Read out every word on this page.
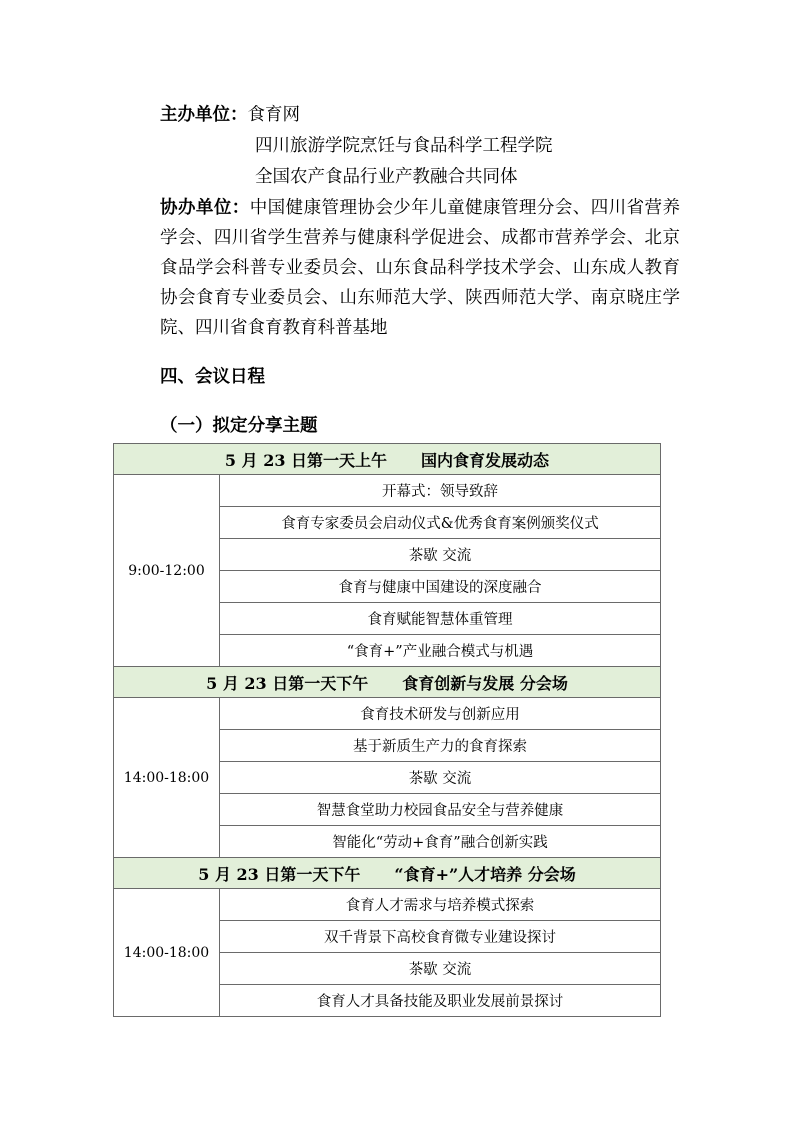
主办单位：食育网
四川旅游学院烹饪与食品科学工程学院
全国农产食品行业产教融合共同体
协办单位：中国健康管理协会少年儿童健康管理分会、四川省营养学会、四川省学生营养与健康科学促进会、成都市营养学会、北京食品学会科普专业委员会、山东食品科学技术学会、山东成人教育协会食育专业委员会、山东师范大学、陕西师范大学、南京晓庄学院、四川省食育教育科普基地
四、会议日程
（一）拟定分享主题
5 月 23 日第一天上午 国内食育发展动态	
9:00-12:00	开幕式：领导致辞
	食育专家委员会启动仪式&优秀食育案例颁奖仪式
	茶歇 交流
	食育与健康中国建设的深度融合
	食育赋能智慧体重管理
	“食育+”产业融合模式与机遇
5 月 23 日第一天下午 食育创新与发展 分会场	
14:00-18:00	食育技术研发与创新应用
	基于新质生产力的食育探索
	茶歇 交流
	智慧食堂助力校园食品安全与营养健康
	智能化“劳动+食育”融合创新实践
5 月 23 日第一天下午 “食育+”人才培养 分会场	
14:00-18:00	食育人才需求与培养模式探索
	双千背景下高校食育微专业建设探讨
	茶歇 交流
	食育人才具备技能及职业发展前景探讨
